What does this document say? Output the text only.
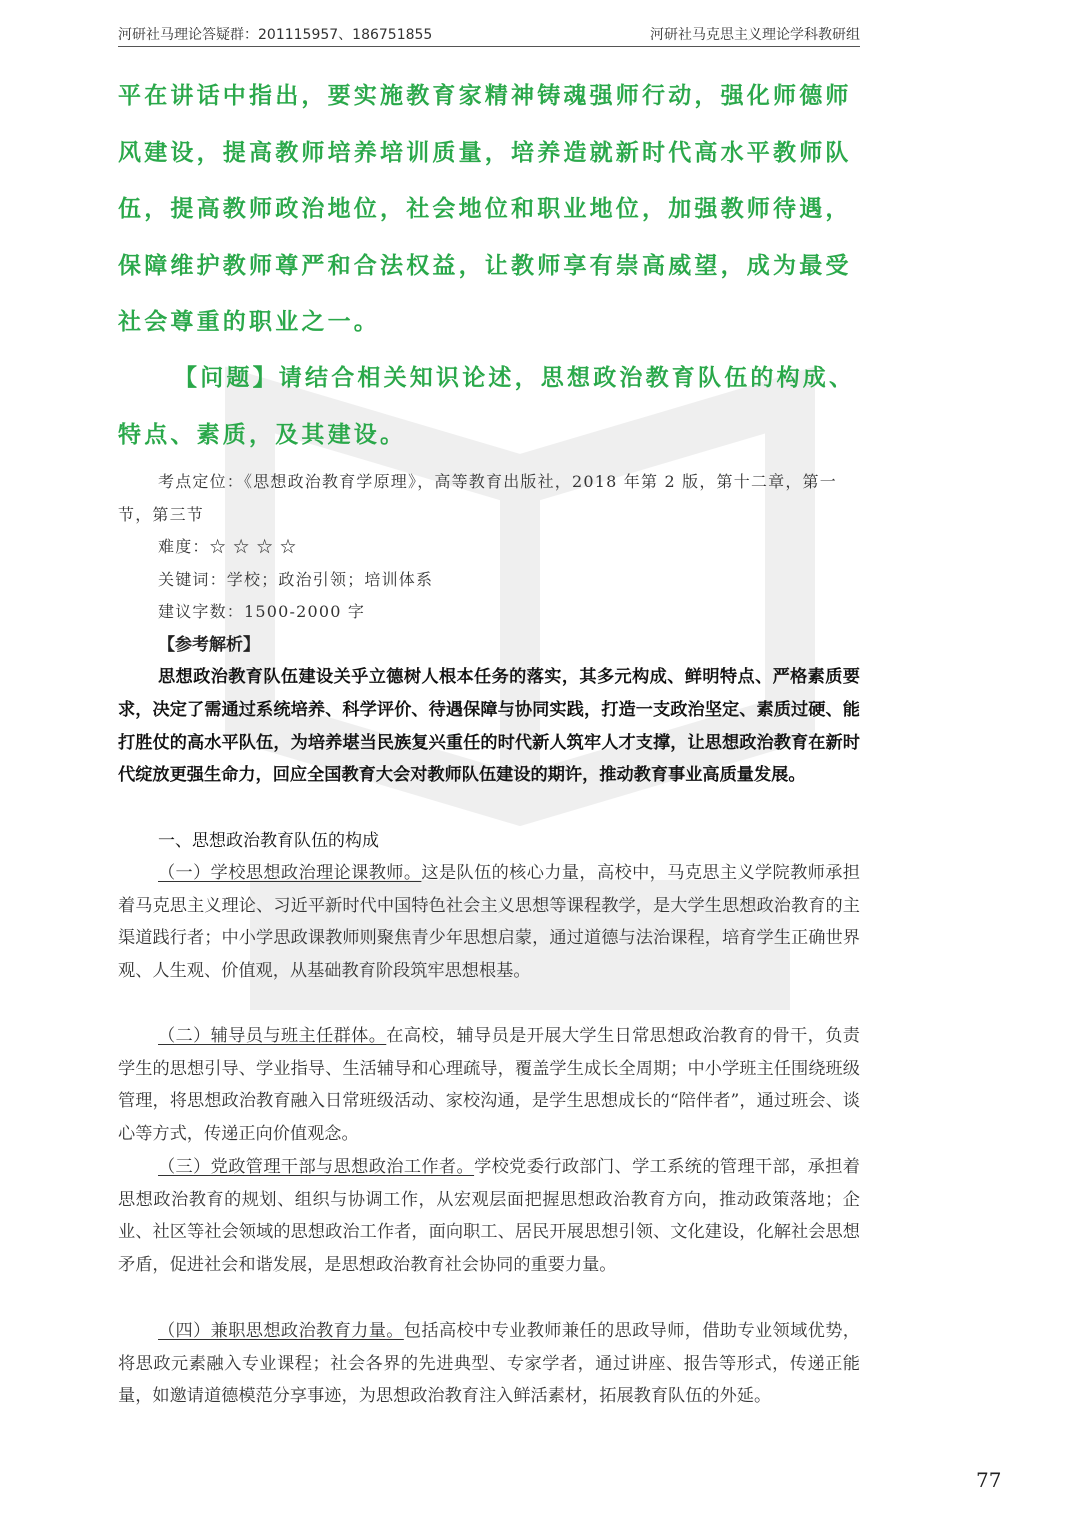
河研社马理论答疑群：201115957、186751855	河研社马克思主义理论学科教研组
平在讲话中指出，要实施教育家精神铸魂强师行动，强化师德师风建设，提高教师培养培训质量，培养造就新时代高水平教师队伍，提高教师政治地位，社会地位和职业地位，加强教师待遇，保障维护教师尊严和合法权益，让教师享有崇高威望，成为最受社会尊重的职业之一。
【问题】请结合相关知识论述，思想政治教育队伍的构成、特点、素质，及其建设。
考点定位：《思想政治教育学原理》，高等教育出版社，2018 年第 2 版，第十二章，第一节，第三节
难度：☆ ☆ ☆ ☆
关键词：学校；政治引领；培训体系
建议字数：1500-2000 字
【参考解析】
思想政治教育队伍建设关乎立德树人根本任务的落实，其多元构成、鲜明特点、严格素质要求，决定了需通过系统培养、科学评价、待遇保障与协同实践，打造一支政治坚定、素质过硬、能打胜仗的高水平队伍，为培养堪当民族复兴重任的时代新人筑牢人才支撑，让思想政治教育在新时代绽放更强生命力，回应全国教育大会对教师队伍建设的期许，推动教育事业高质量发展。
一、思想政治教育队伍的构成
（一）学校思想政治理论课教师。这是队伍的核心力量，高校中，马克思主义学院教师承担着马克思主义理论、习近平新时代中国特色社会主义思想等课程教学，是大学生思想政治教育的主渠道践行者；中小学思政课教师则聚焦青少年思想启蒙，通过道德与法治课程，培育学生正确世界观、人生观、价值观，从基础教育阶段筑牢思想根基。
（二）辅导员与班主任群体。在高校，辅导员是开展大学生日常思想政治教育的骨干，负责学生的思想引导、学业指导、生活辅导和心理疏导，覆盖学生成长全周期；中小学班主任围绕班级管理，将思想政治教育融入日常班级活动、家校沟通，是学生思想成长的“陪伴者”，通过班会、谈心等方式，传递正向价值观念。
（三）党政管理干部与思想政治工作者。学校党委行政部门、学工系统的管理干部，承担着思想政治教育的规划、组织与协调工作，从宏观层面把握思想政治教育方向，推动政策落地；企业、社区等社会领域的思想政治工作者，面向职工、居民开展思想引领、文化建设，化解社会思想矛盾，促进社会和谐发展，是思想政治教育社会协同的重要力量。
（四）兼职思想政治教育力量。包括高校中专业教师兼任的思政导师，借助专业领域优势，将思政元素融入专业课程；社会各界的先进典型、专家学者，通过讲座、报告等形式，传递正能量，如邀请道德模范分享事迹，为思想政治教育注入鲜活素材，拓展教育队伍的外延。
77
